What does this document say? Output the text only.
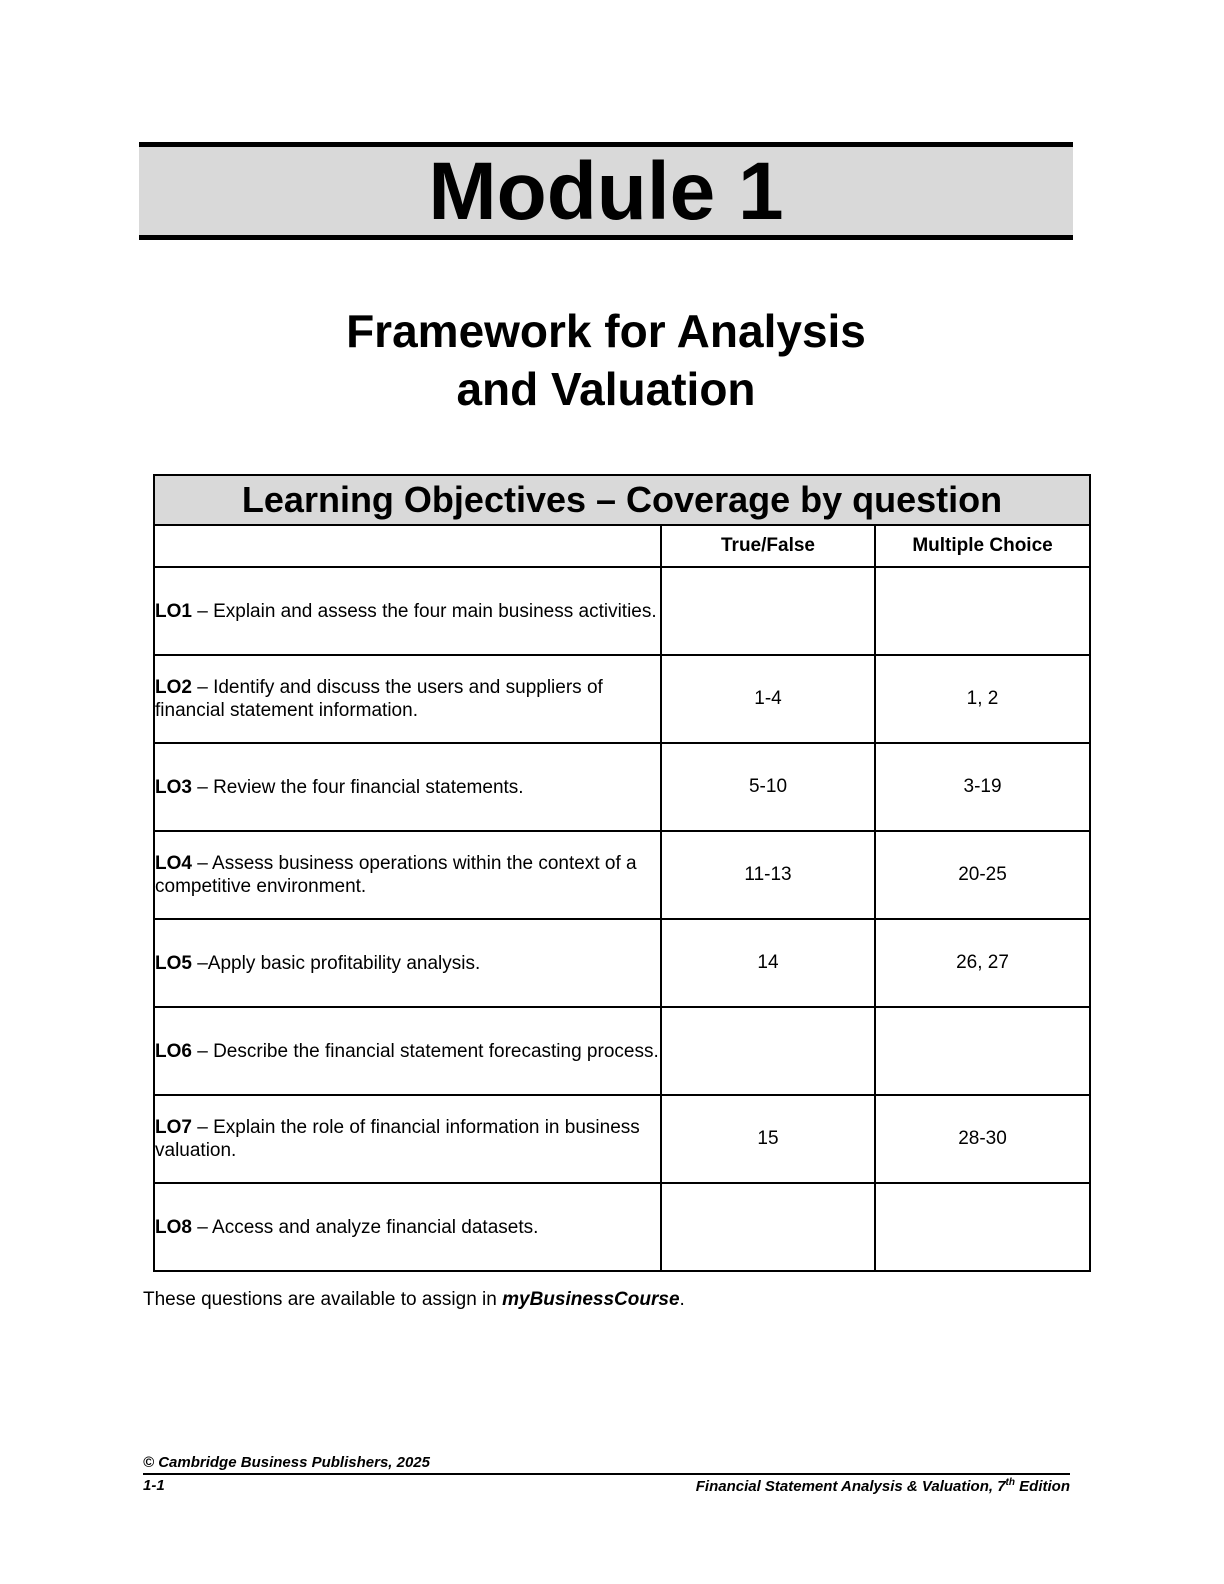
Module 1
Framework for Analysis
and Valuation
Learning Objectives – Coverage by question		
	True/False	Multiple Choice
LO1 – Explain and assess the four main business activities.		
LO2 – Identify and discuss the users and suppliers of financial statement information.	1-4	1, 2
LO3 – Review the four financial statements.	5-10	3-19
LO4 – Assess business operations within the context of a competitive environment.	11-13	20-25
LO5 –Apply basic profitability analysis.	14	26, 27
LO6 – Describe the financial statement forecasting process.		
LO7 – Explain the role of financial information in business valuation.	15	28-30
LO8 – Access and analyze financial datasets.		
These questions are available to assign in myBusinessCourse.
© Cambridge Business Publishers, 2025
1-1	Financial Statement Analysis & Valuation, 7th Edition
